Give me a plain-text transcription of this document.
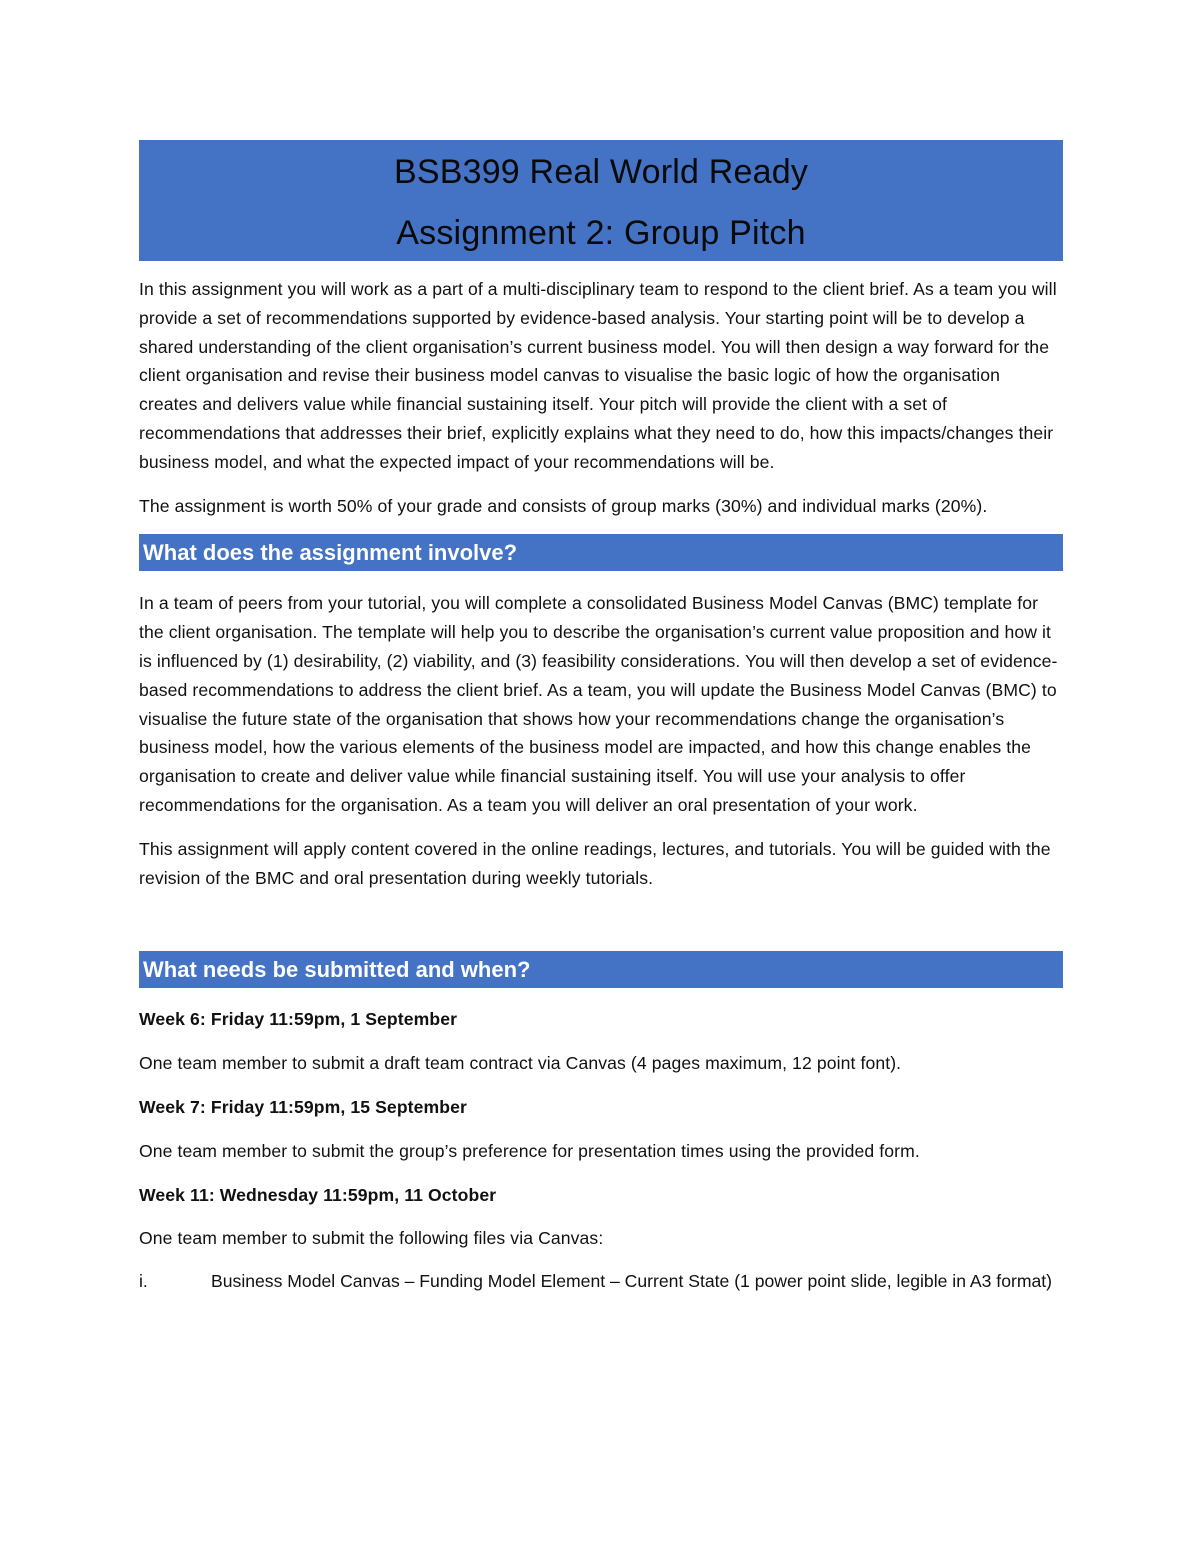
BSB399 Real World Ready
Assignment 2: Group Pitch

In this assignment you will work as a part of a multi-disciplinary team to respond to the client brief. As a team you will provide a set of recommendations supported by evidence-based analysis. Your starting point will be to develop a shared understanding of the client organisation’s current business model. You will then design a way forward for the client organisation and revise their business model canvas to visualise the basic logic of how the organisation creates and delivers value while financial sustaining itself. Your pitch will provide the client with a set of recommendations that addresses their brief, explicitly explains what they need to do, how this impacts/changes their business model, and what the expected impact of your recommendations will be.

The assignment is worth 50% of your grade and consists of group marks (30%) and individual marks (20%).

What does the assignment involve?

In a team of peers from your tutorial, you will complete a consolidated Business Model Canvas (BMC) template for the client organisation. The template will help you to describe the organisation’s current value proposition and how it is influenced by (1) desirability, (2) viability, and (3) feasibility considerations. You will then develop a set of evidence-based recommendations to address the client brief. As a team, you will update the Business Model Canvas (BMC) to visualise the future state of the organisation that shows how your recommendations change the organisation’s business model, how the various elements of the business model are impacted, and how this change enables the organisation to create and deliver value while financial sustaining itself. You will use your analysis to offer recommendations for the organisation. As a team you will deliver an oral presentation of your work.

This assignment will apply content covered in the online readings, lectures, and tutorials. You will be guided with the revision of the BMC and oral presentation during weekly tutorials.

What needs be submitted and when?

Week 6: Friday 11:59pm, 1 September

One team member to submit a draft team contract via Canvas (4 pages maximum, 12 point font).

Week 7: Friday 11:59pm, 15 September

One team member to submit the group’s preference for presentation times using the provided form.

Week 11: Wednesday 11:59pm, 11 October

One team member to submit the following files via Canvas:

i.	Business Model Canvas – Funding Model Element – Current State (1 power point slide, legible in A3 format)
